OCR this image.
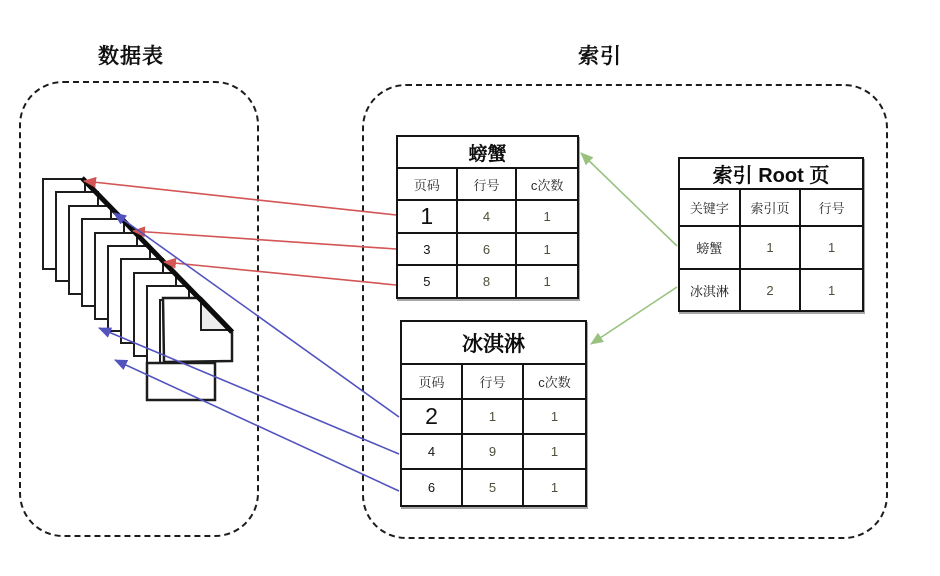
数据表	索引
螃蟹
页码	行号	c次数
1	4	1
3	6	1
5	8	1
冰淇淋
页码	行号	c次数
2	1	1
4	9	1
6	5	1
索引 Root 页
关键字	索引页	行号
螃蟹	1	1
冰淇淋	2	1
